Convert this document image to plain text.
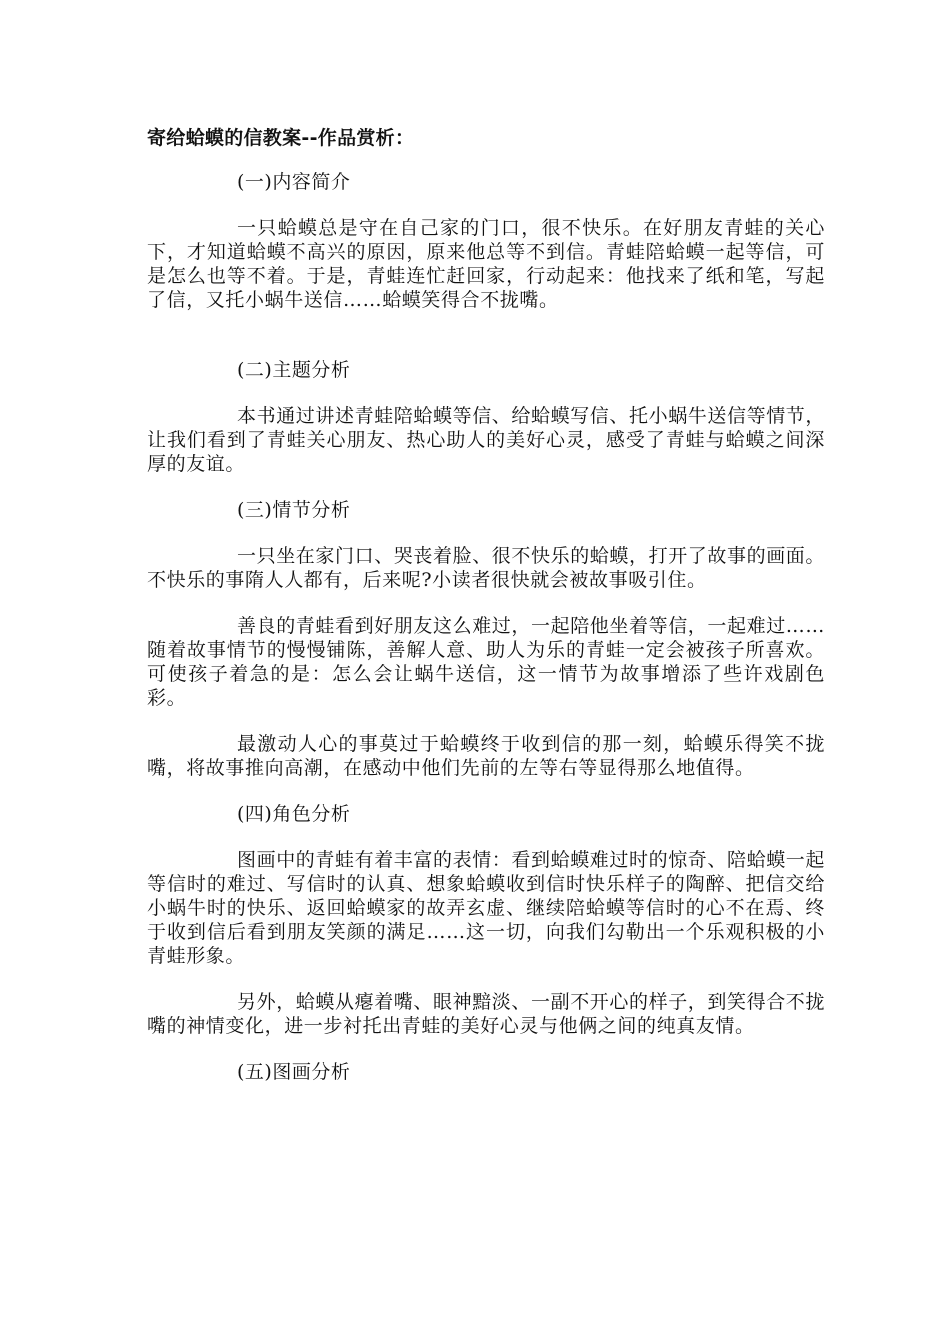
寄给蛤蟆的信教案--作品赏析：

(一)内容简介

一只蛤蟆总是守在自己家的门口，很不快乐。在好朋友青蛙的关心下，才知道蛤蟆不高兴的原因，原来他总等不到信。青蛙陪蛤蟆一起等信，可是怎么也等不着。于是，青蛙连忙赶回家，行动起来：他找来了纸和笔，写起了信，又托小蜗牛送信……蛤蟆笑得合不拢嘴。

(二)主题分析

本书通过讲述青蛙陪蛤蟆等信、给蛤蟆写信、托小蜗牛送信等情节，让我们看到了青蛙关心朋友、热心助人的美好心灵，感受了青蛙与蛤蟆之间深厚的友谊。

(三)情节分析

一只坐在家门口、哭丧着脸、很不快乐的蛤蟆，打开了故事的画面。不快乐的事隋人人都有，后来呢?小读者很快就会被故事吸引住。

善良的青蛙看到好朋友这么难过，一起陪他坐着等信，一起难过……随着故事情节的慢慢铺陈，善解人意、助人为乐的青蛙一定会被孩子所喜欢。可使孩子着急的是：怎么会让蜗牛送信，这一情节为故事增添了些许戏剧色彩。

最激动人心的事莫过于蛤蟆终于收到信的那一刻，蛤蟆乐得笑不拢嘴，将故事推向高潮，在感动中他们先前的左等右等显得那么地值得。

(四)角色分析

图画中的青蛙有着丰富的表情：看到蛤蟆难过时的惊奇、陪蛤蟆一起等信时的难过、写信时的认真、想象蛤蟆收到信时快乐样子的陶醉、把信交给小蜗牛时的快乐、返回蛤蟆家的故弄玄虚、继续陪蛤蟆等信时的心不在焉、终于收到信后看到朋友笑颜的满足……这一切，向我们勾勒出一个乐观积极的小青蛙形象。

另外，蛤蟆从瘪着嘴、眼神黯淡、一副不开心的样子，到笑得合不拢嘴的神情变化，进一步衬托出青蛙的美好心灵与他俩之间的纯真友情。

(五)图画分析
